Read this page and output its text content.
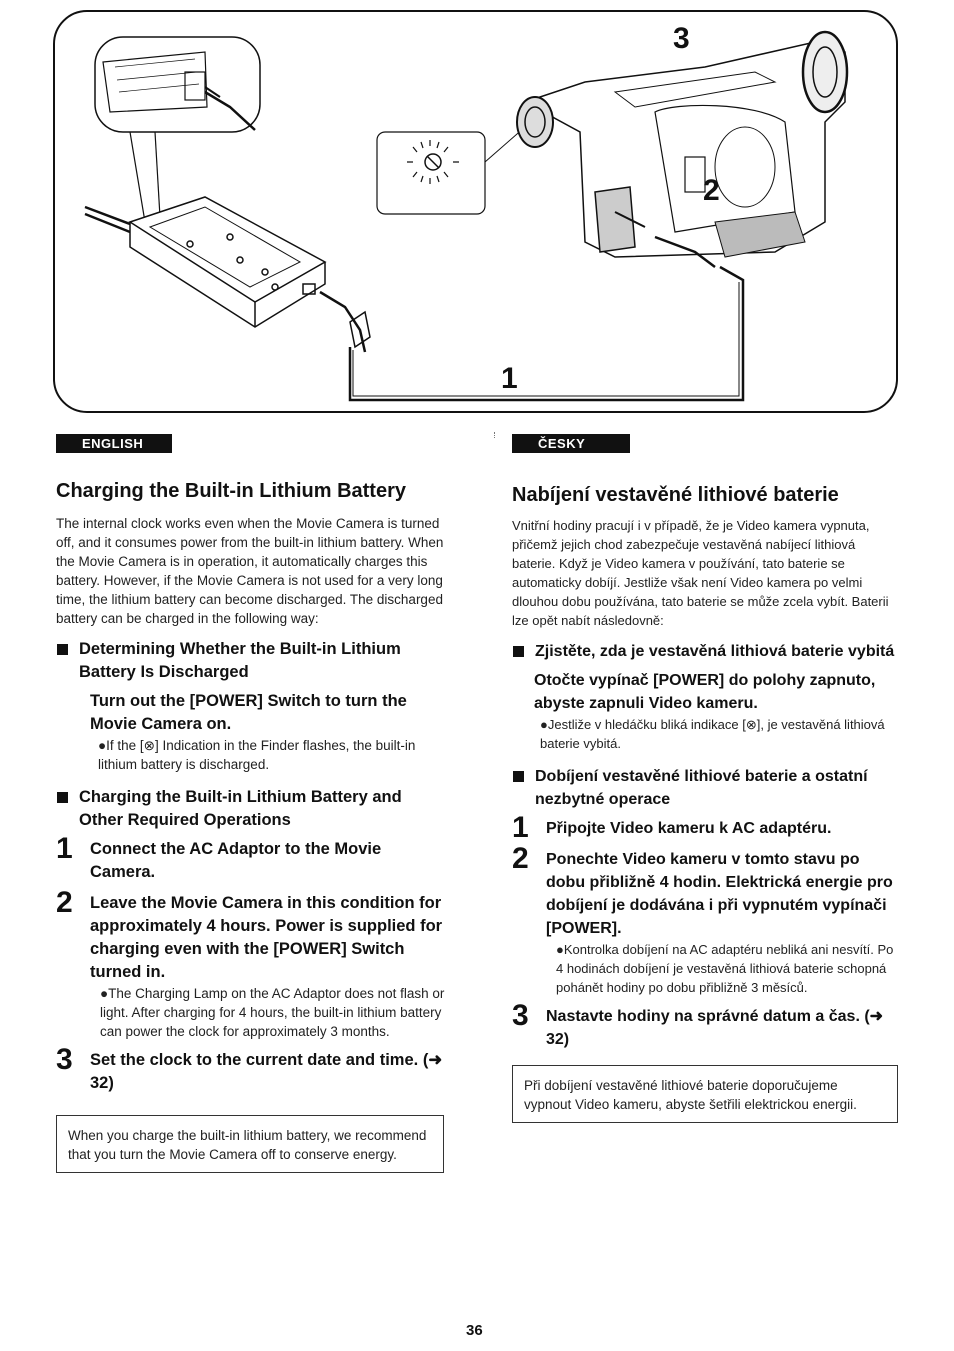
3
2
1
ENGLISH
Charging the Built-in Lithium Battery

The internal clock works even when the Movie Camera is turned off, and it consumes power from the built-in lithium battery. When the Movie Camera is in operation, it automatically charges this battery. However, if the Movie Camera is not used for a very long time, the lithium battery can become discharged. The discharged battery can be charged in the following way:

Determining Whether the Built-in Lithium Battery Is Discharged
Turn out the [POWER] Switch to turn the Movie Camera on.
●If the [⊗] Indication in the Finder flashes, the built-in lithium battery is discharged.
Charging the Built-in Lithium Battery and Other Required Operations
1 Connect the AC Adaptor to the Movie Camera.
2 Leave the Movie Camera in this condition for approximately 4 hours. Power is supplied for charging even with the [POWER] Switch turned in.
●The Charging Lamp on the AC Adaptor does not flash or light. After charging for 4 hours, the built-in lithium battery can power the clock for approximately 3 months.
3 Set the clock to the current date and time. (➜ 32)
When you charge the built-in lithium battery, we recommend that you turn the Movie Camera off to conserve energy.
ČESKY
Nabíjení vestavěné lithiové baterie

Vnitřní hodiny pracují i v případě, že je Video kamera vypnuta, přičemž jejich chod zabezpečuje vestavěná nabíjecí lithiová baterie. Když je Video kamera v používání, tato baterie se automaticky dobíjí. Jestliže však není Video kamera po velmi dlouhou dobu používána, tato baterie se může zcela vybít. Baterii lze opět nabít následovně:

Zjistěte, zda je vestavěná lithiová baterie vybitá
Otočte vypínač [POWER] do polohy zapnuto, abyste zapnuli Video kameru.
●Jestliže v hledáčku bliká indikace [⊗], je vestavěná lithiová baterie vybitá.
Dobíjení vestavěné lithiové baterie a ostatní nezbytné operace
1 Připojte Video kameru k AC adaptéru.
2 Ponechte Video kameru v tomto stavu po dobu přibližně 4 hodin. Elektrická energie pro dobíjení je dodávána i při vypnutém vypínači [POWER].
●Kontrolka dobíjení na AC adaptéru nebliká ani nesvítí. Po 4 hodinách dobíjení je vestavěná lithiová baterie schopná pohánět hodiny po dobu přibližně 3 měsíců.
3 Nastavte hodiny na správné datum a čas. (➜ 32)
Při dobíjení vestavěné lithiové baterie doporučujeme vypnout Video kameru, abyste šetřili elektrickou energii.
36
